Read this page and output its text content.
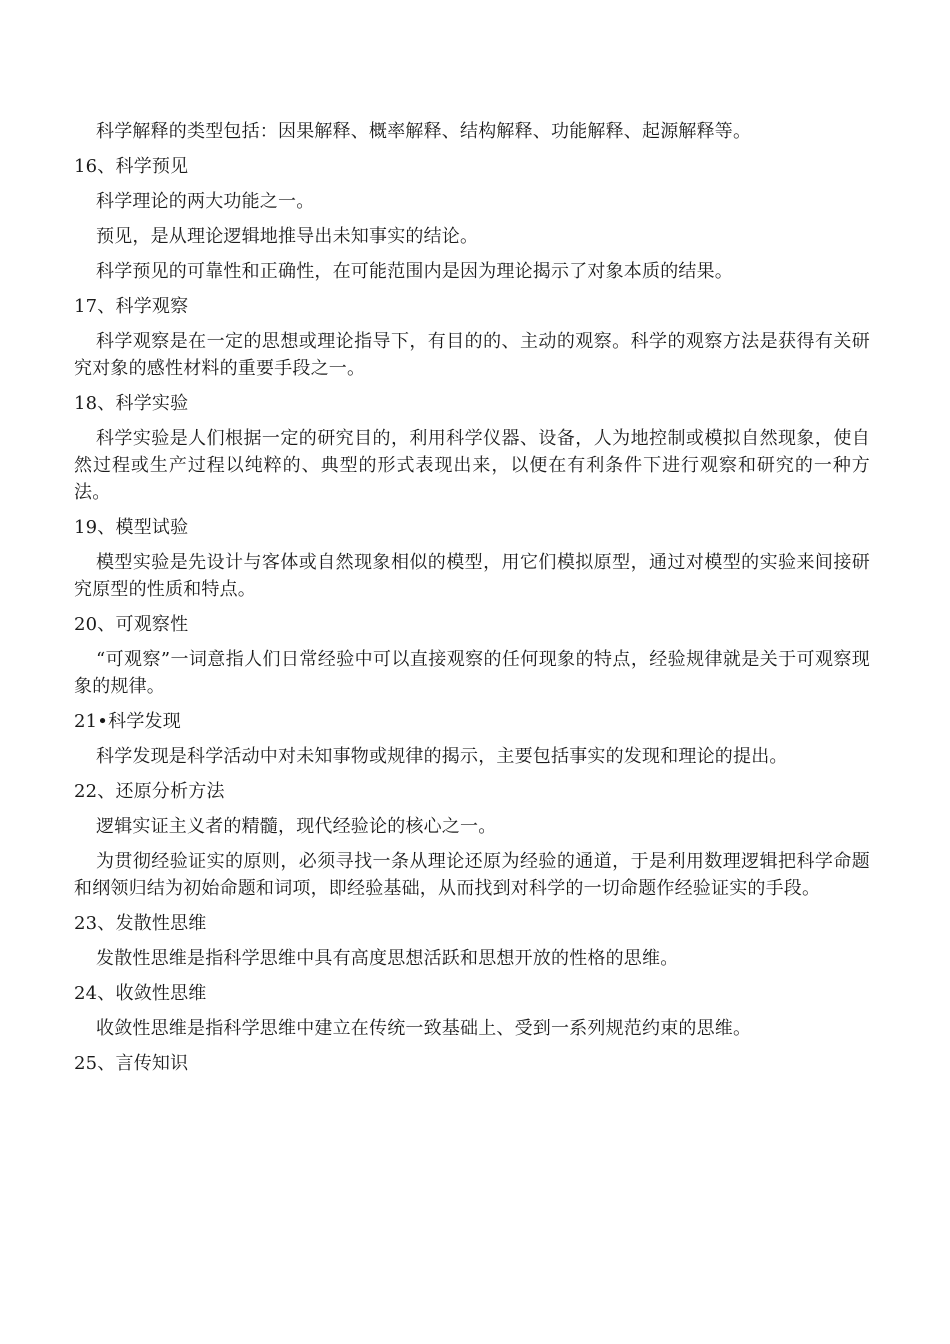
科学解释的类型包括：因果解释、概率解释、结构解释、功能解释、起源解释等。

16、科学预见

科学理论的两大功能之一。

预见，是从理论逻辑地推导出未知事实的结论。

科学预见的可靠性和正确性，在可能范围内是因为理论揭示了对象本质的结果。

17、科学观察

科学观察是在一定的思想或理论指导下，有目的的、主动的观察。科学的观察方法是获得有关研究对象的感性材料的重要手段之一。

18、科学实验

科学实验是人们根据一定的研究目的，利用科学仪器、设备，人为地控制或模拟自然现象，使自然过程或生产过程以纯粹的、典型的形式表现出来，以便在有利条件下进行观察和研究的一种方法。

19、模型试验

模型实验是先设计与客体或自然现象相似的模型，用它们模拟原型，通过对模型的实验来间接研究原型的性质和特点。

20、可观察性

“可观察”一词意指人们日常经验中可以直接观察的任何现象的特点，经验规律就是关于可观察现象的规律。

21•科学发现

科学发现是科学活动中对未知事物或规律的揭示，主要包括事实的发现和理论的提出。

22、还原分析方法

逻辑实证主义者的精髓，现代经验论的核心之一。

为贯彻经验证实的原则，必须寻找一条从理论还原为经验的通道，于是利用数理逻辑把科学命题和纲领归结为初始命题和词项，即经验基础，从而找到对科学的一切命题作经验证实的手段。

23、发散性思维

发散性思维是指科学思维中具有高度思想活跃和思想开放的性格的思维。

24、收敛性思维

收敛性思维是指科学思维中建立在传统一致基础上、受到一系列规范约束的思维。

25、言传知识
